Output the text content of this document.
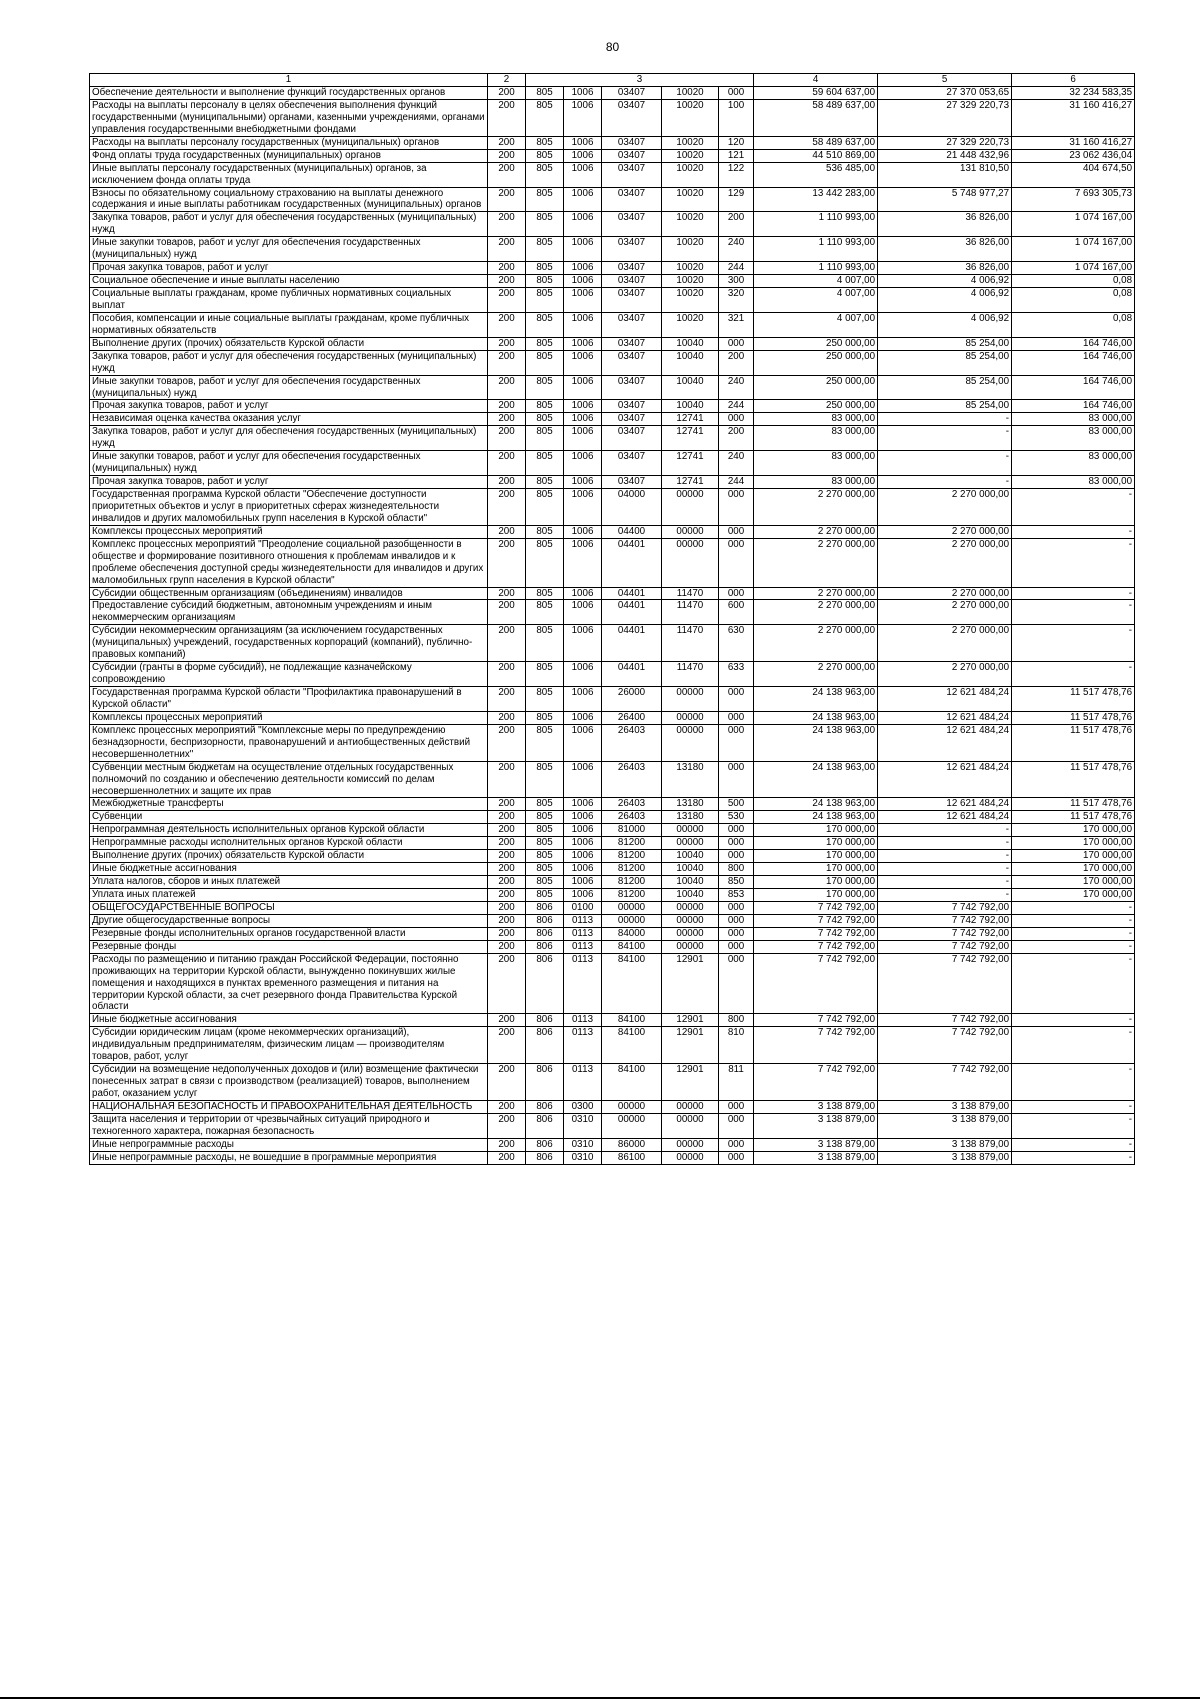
80
1	2	3					4	5	6
Обеспечение деятельности и выполнение функций государственных органов	200	805	1006	03407	10020	000	59 604 637,00	27 370 053,65	32 234 583,35
Расходы на выплаты персоналу в целях обеспечения выполнения функций государственными (муниципальными) органами, казенными учреждениями, органами управления государственными внебюджетными фондами	200	805	1006	03407	10020	100	58 489 637,00	27 329 220,73	31 160 416,27
Расходы на выплаты персоналу государственных (муниципальных) органов	200	805	1006	03407	10020	120	58 489 637,00	27 329 220,73	31 160 416,27
Фонд оплаты труда государственных (муниципальных) органов	200	805	1006	03407	10020	121	44 510 869,00	21 448 432,96	23 062 436,04
Иные выплаты персоналу государственных (муниципальных) органов, за исключением фонда оплаты труда	200	805	1006	03407	10020	122	536 485,00	131 810,50	404 674,50
Взносы по обязательному социальному страхованию на выплаты денежного содержания и иные выплаты работникам государственных (муниципальных) органов	200	805	1006	03407	10020	129	13 442 283,00	5 748 977,27	7 693 305,73
Закупка товаров, работ и услуг для обеспечения государственных (муниципальных) нужд	200	805	1006	03407	10020	200	1 110 993,00	36 826,00	1 074 167,00
Иные закупки товаров, работ и услуг для обеспечения государственных (муниципальных) нужд	200	805	1006	03407	10020	240	1 110 993,00	36 826,00	1 074 167,00
Прочая закупка товаров, работ и услуг	200	805	1006	03407	10020	244	1 110 993,00	36 826,00	1 074 167,00
Социальное обеспечение и иные выплаты населению	200	805	1006	03407	10020	300	4 007,00	4 006,92	0,08
Социальные выплаты гражданам, кроме публичных нормативных социальных выплат	200	805	1006	03407	10020	320	4 007,00	4 006,92	0,08
Пособия, компенсации и иные социальные выплаты гражданам, кроме публичных нормативных обязательств	200	805	1006	03407	10020	321	4 007,00	4 006,92	0,08
Выполнение других (прочих) обязательств Курской области	200	805	1006	03407	10040	000	250 000,00	85 254,00	164 746,00
Закупка товаров, работ и услуг для обеспечения государственных (муниципальных) нужд	200	805	1006	03407	10040	200	250 000,00	85 254,00	164 746,00
Иные закупки товаров, работ и услуг для обеспечения государственных (муниципальных) нужд	200	805	1006	03407	10040	240	250 000,00	85 254,00	164 746,00
Прочая закупка товаров, работ и услуг	200	805	1006	03407	10040	244	250 000,00	85 254,00	164 746,00
Независимая оценка качества оказания услуг	200	805	1006	03407	12741	000	83 000,00	-	83 000,00
Закупка товаров, работ и услуг для обеспечения государственных (муниципальных) нужд	200	805	1006	03407	12741	200	83 000,00	-	83 000,00
Иные закупки товаров, работ и услуг для обеспечения государственных (муниципальных) нужд	200	805	1006	03407	12741	240	83 000,00	-	83 000,00
Прочая закупка товаров, работ и услуг	200	805	1006	03407	12741	244	83 000,00	-	83 000,00
Государственная программа Курской области "Обеспечение доступности приоритетных объектов и услуг в приоритетных сферах жизнедеятельности инвалидов и других маломобильных групп населения в Курской области"	200	805	1006	04000	00000	000	2 270 000,00	2 270 000,00	-
Комплексы процессных мероприятий	200	805	1006	04400	00000	000	2 270 000,00	2 270 000,00	-
Комплекс процессных мероприятий "Преодоление социальной разобщенности в обществе и формирование позитивного отношения к проблемам инвалидов и к проблеме обеспечения доступной среды жизнедеятельности для инвалидов и других маломобильных групп населения в Курской области"	200	805	1006	04401	00000	000	2 270 000,00	2 270 000,00	-
Субсидии общественным организациям (объединениям) инвалидов	200	805	1006	04401	11470	000	2 270 000,00	2 270 000,00	-
Предоставление субсидий бюджетным, автономным учреждениям и иным некоммерческим организациям	200	805	1006	04401	11470	600	2 270 000,00	2 270 000,00	-
Субсидии некоммерческим организациям (за исключением государственных (муниципальных) учреждений, государственных корпораций (компаний), публично-правовых компаний)	200	805	1006	04401	11470	630	2 270 000,00	2 270 000,00	-
Субсидии (гранты в форме субсидий), не подлежащие казначейскому сопровождению	200	805	1006	04401	11470	633	2 270 000,00	2 270 000,00	-
Государственная программа Курской области "Профилактика правонарушений в Курской области"	200	805	1006	26000	00000	000	24 138 963,00	12 621 484,24	11 517 478,76
Комплексы процессных мероприятий	200	805	1006	26400	00000	000	24 138 963,00	12 621 484,24	11 517 478,76
Комплекс процессных мероприятий "Комплексные меры по предупреждению безнадзорности, беспризорности, правонарушений и антиобщественных действий несовершеннолетних"	200	805	1006	26403	00000	000	24 138 963,00	12 621 484,24	11 517 478,76
Субвенции местным бюджетам на осуществление отдельных государственных полномочий по созданию и обеспечению деятельности комиссий по делам несовершеннолетних и защите их прав	200	805	1006	26403	13180	000	24 138 963,00	12 621 484,24	11 517 478,76
Межбюджетные трансферты	200	805	1006	26403	13180	500	24 138 963,00	12 621 484,24	11 517 478,76
Субвенции	200	805	1006	26403	13180	530	24 138 963,00	12 621 484,24	11 517 478,76
Непрограммная деятельность исполнительных органов Курской области	200	805	1006	81000	00000	000	170 000,00	-	170 000,00
Непрограммные расходы исполнительных органов Курской области	200	805	1006	81200	00000	000	170 000,00	-	170 000,00
Выполнение других (прочих) обязательств Курской области	200	805	1006	81200	10040	000	170 000,00	-	170 000,00
Иные бюджетные ассигнования	200	805	1006	81200	10040	800	170 000,00	-	170 000,00
Уплата налогов, сборов и иных платежей	200	805	1006	81200	10040	850	170 000,00	-	170 000,00
Уплата иных платежей	200	805	1006	81200	10040	853	170 000,00	-	170 000,00
ОБЩЕГОСУДАРСТВЕННЫЕ ВОПРОСЫ	200	806	0100	00000	00000	000	7 742 792,00	7 742 792,00	-
Другие общегосударственные вопросы	200	806	0113	00000	00000	000	7 742 792,00	7 742 792,00	-
Резервные фонды исполнительных органов государственной власти	200	806	0113	84000	00000	000	7 742 792,00	7 742 792,00	-
Резервные фонды	200	806	0113	84100	00000	000	7 742 792,00	7 742 792,00	-
Расходы по размещению и питанию граждан Российской Федерации, постоянно проживающих на территории Курской области, вынужденно покинувших жилые помещения и находящихся в пунктах временного размещения и питания на территории Курской области, за счет резервного фонда Правительства Курской области	200	806	0113	84100	12901	000	7 742 792,00	7 742 792,00	-
Иные бюджетные ассигнования	200	806	0113	84100	12901	800	7 742 792,00	7 742 792,00	-
Субсидии юридическим лицам (кроме некоммерческих организаций), индивидуальным предпринимателям, физическим лицам — производителям товаров, работ, услуг	200	806	0113	84100	12901	810	7 742 792,00	7 742 792,00	-
Субсидии на возмещение недополученных доходов и (или) возмещение фактически понесенных затрат в связи с производством (реализацией) товаров, выполнением работ, оказанием услуг	200	806	0113	84100	12901	811	7 742 792,00	7 742 792,00	-
НАЦИОНАЛЬНАЯ БЕЗОПАСНОСТЬ И ПРАВООХРАНИТЕЛЬНАЯ ДЕЯТЕЛЬНОСТЬ	200	806	0300	00000	00000	000	3 138 879,00	3 138 879,00	-
Защита населения и территории от чрезвычайных ситуаций природного и техногенного характера, пожарная безопасность	200	806	0310	00000	00000	000	3 138 879,00	3 138 879,00	-
Иные непрограммные расходы	200	806	0310	86000	00000	000	3 138 879,00	3 138 879,00	-
Иные непрограммные расходы, не вошедшие в программные мероприятия	200	806	0310	86100	00000	000	3 138 879,00	3 138 879,00	-
